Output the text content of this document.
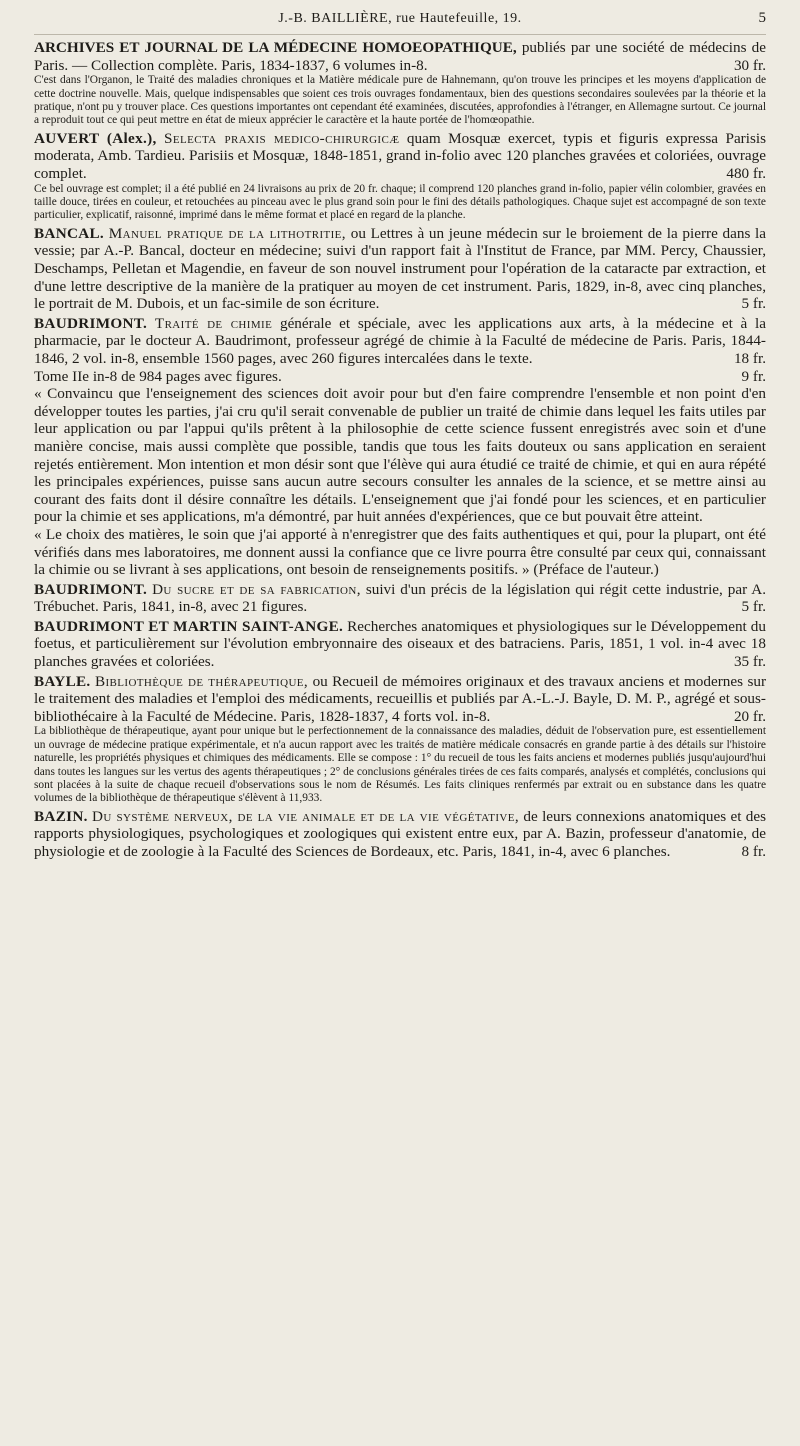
J.-B. BAILLIÈRE, rue Hautefeuille, 19.	5

ARCHIVES ET JOURNAL DE LA MÉDECINE HOMOEOPATHIQUE, publiés par une société de médecins de Paris. — Collection complète. Paris, 1834-1837, 6 volumes in-8.	30 fr.

C'est dans l'Organon, le Traité des maladies chroniques et la Matière médicale pure de Hahnemann, qu'on trouve les principes et les moyens d'application de cette doctrine nouvelle. Mais, quelque indispensables que soient ces trois ouvrages fondamentaux, bien des questions secondaires soulevées par la théorie et la pratique, n'ont pu y trouver place. Ces questions importantes ont cependant été examinées, discutées, approfondies à l'étranger, en Allemagne surtout. Ce journal a reproduit tout ce qui peut mettre en état de mieux apprécier le caractère et la haute portée de l'homœopathie.

AUVERT (Alex.), Selecta praxis medico-chirurgicæ quam Mosquæ exercet, typis et figuris expressa Parisis moderata, Amb. Tardieu. Parisiis et Mosquæ, 1848-1851, grand in-folio avec 120 planches gravées et coloriées, ouvrage complet.	480 fr.

Ce bel ouvrage est complet; il a été publié en 24 livraisons au prix de 20 fr. chaque; il comprend 120 planches grand in-folio, papier vélin colombier, gravées en taille douce, tirées en couleur, et retouchées au pinceau avec le plus grand soin pour le fini des détails pathologiques. Chaque sujet est accompagné de son texte particulier, explicatif, raisonné, imprimé dans le même format et placé en regard de la planche.

BANCAL. Manuel pratique de la lithotritie, ou Lettres à un jeune médecin sur le broiement de la pierre dans la vessie; par A.-P. Bancal, docteur en médecine; suivi d'un rapport fait à l'Institut de France, par MM. Percy, Chaussier, Deschamps, Pelletan et Magendie, en faveur de son nouvel instrument pour l'opération de la cataracte par extraction, et d'une lettre descriptive de la manière de la pratiquer au moyen de cet instrument. Paris, 1829, in-8, avec cinq planches, le portrait de M. Dubois, et un fac-simile de son écriture.	5 fr.

BAUDRIMONT. Traité de chimie générale et spéciale, avec les applications aux arts, à la médecine et à la pharmacie, par le docteur A. Baudrimont, professeur agrégé de chimie à la Faculté de médecine de Paris. Paris, 1844-1846, 2 vol. in-8, ensemble 1560 pages, avec 260 figures intercalées dans le texte.	18 fr.

Tome IIe in-8 de 984 pages avec figures.	9 fr.

« Convaincu que l'enseignement des sciences doit avoir pour but d'en faire comprendre l'ensemble et non point d'en développer toutes les parties, j'ai cru qu'il serait convenable de publier un traité de chimie dans lequel les faits utiles par leur application ou par l'appui qu'ils prêtent à la philosophie de cette science fussent enregistrés avec soin et d'une manière concise, mais aussi complète que possible, tandis que tous les faits douteux ou sans application en seraient rejetés entièrement. Mon intention et mon désir sont que l'élève qui aura étudié ce traité de chimie, et qui en aura répété les principales expériences, puisse sans aucun autre secours consulter les annales de la science, et se mettre ainsi au courant des faits dont il désire connaître les détails. L'enseignement que j'ai fondé pour les sciences, et en particulier pour la chimie et ses applications, m'a démontré, par huit années d'expériences, que ce but pouvait être atteint.

« Le choix des matières, le soin que j'ai apporté à n'enregistrer que des faits authentiques et qui, pour la plupart, ont été vérifiés dans mes laboratoires, me donnent aussi la confiance que ce livre pourra être consulté par ceux qui, connaissant la chimie ou se livrant à ses applications, ont besoin de renseignements positifs. » (Préface de l'auteur.)

BAUDRIMONT. Du sucre et de sa fabrication, suivi d'un précis de la législation qui régit cette industrie, par A. Trébuchet. Paris, 1841, in-8, avec 21 figures.	5 fr.

BAUDRIMONT ET MARTIN SAINT-ANGE. Recherches anatomiques et physiologiques sur le Développement du foetus, et particulièrement sur l'évolution embryonnaire des oiseaux et des batraciens. Paris, 1851, 1 vol. in-4 avec 18 planches gravées et coloriées.	35 fr.

BAYLE. Bibliothèque de thérapeutique, ou Recueil de mémoires originaux et des travaux anciens et modernes sur le traitement des maladies et l'emploi des médicaments, recueillis et publiés par A.-L.-J. Bayle, D. M. P., agrégé et sous-bibliothécaire à la Faculté de Médecine. Paris, 1828-1837, 4 forts vol. in-8.	20 fr.

La bibliothèque de thérapeutique, ayant pour unique but le perfectionnement de la connaissance des maladies, déduit de l'observation pure, est essentiellement un ouvrage de médecine pratique expérimentale, et n'a aucun rapport avec les traités de matière médicale consacrés en grande partie à des détails sur l'histoire naturelle, les propriétés physiques et chimiques des médicaments. Elle se compose : 1° du recueil de tous les faits anciens et modernes publiés jusqu'aujourd'hui dans toutes les langues sur les vertus des agents thérapeutiques ; 2° de conclusions générales tirées de ces faits comparés, analysés et complétés, conclusions qui sont placées à la suite de chaque recueil d'observations sous le nom de Résumés. Les faits cliniques renfermés par extrait ou en substance dans les quatre volumes de la bibliothèque de thérapeutique s'élèvent à 11,933.

BAZIN. Du système nerveux, de la vie animale et de la vie végétative, de leurs connexions anatomiques et des rapports physiologiques, psychologiques et zoologiques qui existent entre eux, par A. Bazin, professeur d'anatomie, de physiologie et de zoologie à la Faculté des Sciences de Bordeaux, etc. Paris, 1841, in-4, avec 6 planches.	8 fr.
